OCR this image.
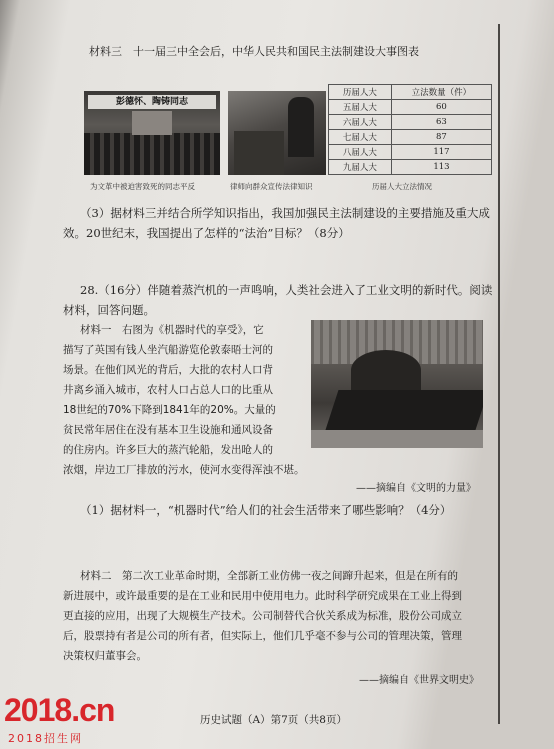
材料三　十一届三中全会后，中华人民共和国民主法制建设大事图表
彭德怀、陶铸同志
为文革中被迫害致死的同志平反	律师向群众宣传法律知识
历届人大	立法数量（件）
五届人大	60
六届人大	63
七届人大	87
八届人大	117
九届人大	113
历届人大立法情况
（3）据材料三并结合所学知识指出，我国加强民主法制建设的主要措施及重大成
效。20世纪末，我国提出了怎样的“法治”目标？（8分）
28.（16分）伴随着蒸汽机的一声鸣响，人类社会进入了工业文明的新时代。阅读
材料，回答问题。
材料一　右图为《机器时代的享受》，它
描写了英国有钱人坐汽船游览伦敦泰晤士河的
场景。在他们风光的背后，大批的农村人口背
井离乡涌入城市，农村人口占总人口的比重从
18世纪的70%下降到1841年的20%。大量的
贫民常年居住在没有基本卫生设施和通风设备
的住房内。许多巨大的蒸汽轮船，发出呛人的
浓烟，岸边工厂排放的污水，使河水变得浑浊不堪。
——摘编自《文明的力量》
（1）据材料一，“机器时代”给人们的社会生活带来了哪些影响？（4分）
材料二　第二次工业革命时期，全部新工业仿佛一夜之间蹿升起来，但是在所有的
新进展中，或许最重要的是在工业和民用中使用电力。此时科学研究成果在工业上得到
更直接的应用，出现了大规模生产技术。公司制替代合伙关系成为标准，股份公司成立
后，股票持有者是公司的所有者，但实际上，他们几乎毫不参与公司的管理决策，管理
决策权归董事会。
——摘编自《世界文明史》
历史试题（A）第7页（共8页）
2018.cn
2018招生网
